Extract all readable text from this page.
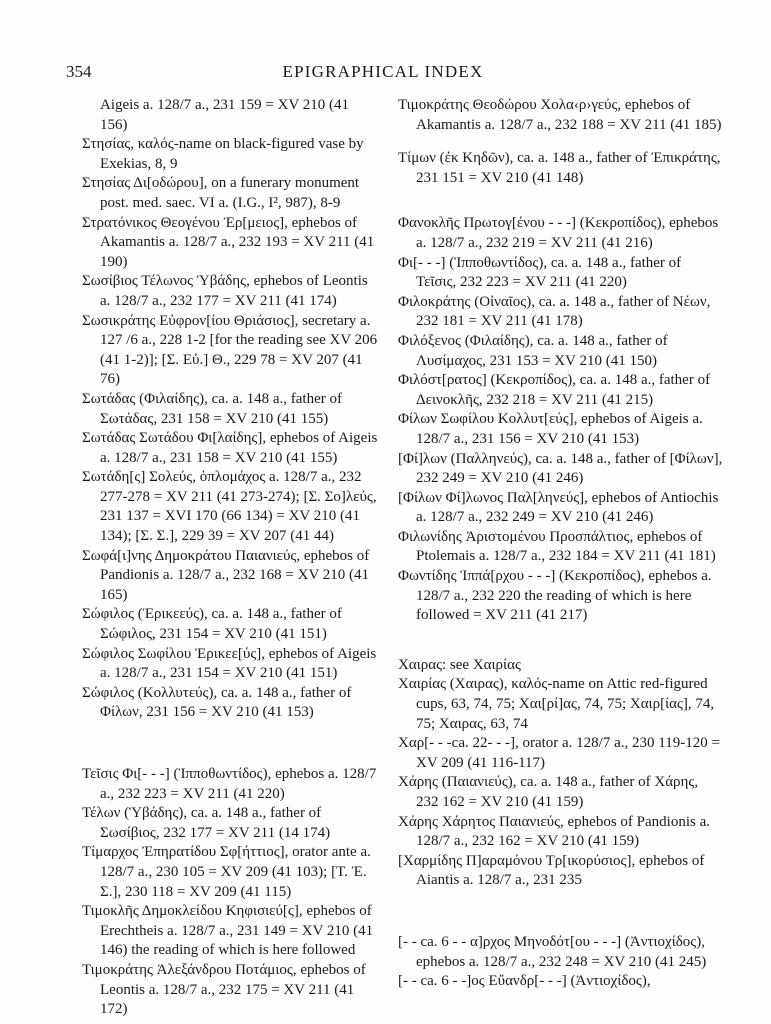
354	EPIGRAPHICAL INDEX
Aigeis a. 128/7 a., 231 159 = XV 210 (41 156)
Στησίας, καλός-name on black-figured vase by Exekias, 8, 9
Στησίας Δι[οδώρου], on a funerary monument post. med. saec. VI a. (I.G., I², 987), 8-9
Στρατόνικος Θεογένου Ἐρ[μειος], ephebos of Akamantis a. 128/7 a., 232 193 = XV 211 (41 190)
Σωσίβιος Τέλωνος Ὑβάδης, ephebos of Leontis a. 128/7 a., 232 177 = XV 211 (41 174)
Σωσικράτης Εὐφρον[ίου Θριάσιος], secretary a. 127 /6 a., 228 1-2 [for the reading see XV 206 (41 1-2)]; [Σ. Εὐ.] Θ., 229 78 = XV 207 (41 76)
Σωτάδας (Φιλαίδης), ca. a. 148 a., father of Σωτάδας, 231 158 = XV 210 (41 155)
Σωτάδας Σωτάδου Φι[λαίδης], ephebos of Aigeis a. 128/7 a., 231 158 = XV 210 (41 155)
Σωτάδη[ς] Σολεύς, ὁπλομάχος a. 128/7 a., 232 277-278 = XV 211 (41 273-274); [Σ. Σο]λεύς, 231 137 = XVI 170 (66 134) = XV 210 (41 134); [Σ. Σ.], 229 39 = XV 207 (41 44)
Σωφά[ι]νης Δημοκράτου Παιανιεύς, ephebos of Pandionis a. 128/7 a., 232 168 = XV 210 (41 165)
Σώφιλος (Ἐρικεεύς), ca. a. 148 a., father of Σώφιλος, 231 154 = XV 210 (41 151)
Σώφιλος Σωφίλου Ἐρικεε[ύς], ephebos of Aigeis a. 128/7 a., 231 154 = XV 210 (41 151)
Σώφιλος (Κολλυτεύς), ca. a. 148 a., father of Φίλων, 231 156 = XV 210 (41 153)
Τεῖσις Φι[- - -] (Ἱπποθωντίδος), ephebos a. 128/7 a., 232 223 = XV 211 (41 220)
Τέλων (Ὑβάδης), ca. a. 148 a., father of Σωσίβιος, 232 177 = XV 211 (14 174)
Τίμαρχος Ἐπηρατίδου Σφ[ήττιος], orator ante a. 128/7 a., 230 105 = XV 209 (41 103); [Τ. Ἐ. Σ.], 230 118 = XV 209 (41 115)
Τιμοκλῆς Δημοκλείδου Κηφισιεύ[ς], ephebos of Erechtheis a. 128/7 a., 231 149 = XV 210 (41 146) the reading of which is here followed
Τιμοκράτης Ἀλεξάνδρου Ποτάμιος, ephebos of Leontis a. 128/7 a., 232 175 = XV 211 (41 172)
Τιμοκράτης Θεοδώρου Χολα‹ρ›γεύς, ephebos of Akamantis a. 128/7 a., 232 188 = XV 211 (41 185)
Τίμων (ἐκ Κηδῶν), ca. a. 148 a., father of Ἐπικράτης, 231 151 = XV 210 (41 148)
Φανοκλῆς Πρωτογ[ένου - - -] (Κεκροπίδος), ephebos a. 128/7 a., 232 219 = XV 211 (41 216)
Φι[- - -] (Ἱπποθωντίδος), ca. a. 148 a., father of Τεῖσις, 232 223 = XV 211 (41 220)
Φιλοκράτης (Οἰναῖος), ca. a. 148 a., father of Νέων, 232 181 = XV 211 (41 178)
Φιλόξενος (Φιλαίδης), ca. a. 148 a., father of Λυσίμαχος, 231 153 = XV 210 (41 150)
Φιλόστ[ρατος] (Κεκροπίδος), ca. a. 148 a., father of Δεινοκλῆς, 232 218 = XV 211 (41 215)
Φίλων Σωφίλου Κολλυτ[εύς], ephebos of Aigeis a. 128/7 a., 231 156 = XV 210 (41 153)
[Φί]λων (Παλληνεύς), ca. a. 148 a., father of [Φίλων], 232 249 = XV 210 (41 246)
[Φίλων Φί]λωνος Παλ[ληνεύς], ephebos of Antiochis a. 128/7 a., 232 249 = XV 210 (41 246)
Φιλωνίδης Ἀριστομένου Προσπάλτιος, ephebos of Ptolemais a. 128/7 a., 232 184 = XV 211 (41 181)
Φωντίδης Ἱππά[ρχου - - -] (Κεκροπίδος), ephebos a. 128/7 a., 232 220 the reading of which is here followed = XV 211 (41 217)
Χαιρας: see Χαιρίας
Χαιρίας (Χαιρας), καλός-name on Attic red-figured cups, 63, 74, 75; Χαι[ρί]ας, 74, 75; Χαιρ[ίας], 74, 75; Χαιρας, 63, 74
Χαρ[- - -ca. 22- - -], orator a. 128/7 a., 230 119-120 = XV 209 (41 116-117)
Χάρης (Παιανιεύς), ca. a. 148 a., father of Χάρης, 232 162 = XV 210 (41 159)
Χάρης Χάρητος Παιανιεύς, ephebos of Pandionis a. 128/7 a., 232 162 = XV 210 (41 159)
[Χαρμίδης Π]αραμόνου Τρ[ικορύσιος], ephebos of Aiantis a. 128/7 a., 231 235
[- - ca. 6 - - α]ρχος Μηνοδότ[ου - - -] (Ἀντιοχίδος), ephebos a. 128/7 a., 232 248 = XV 210 (41 245)
[- - ca. 6 - -]ος Εὔανδρ[- - -] (Ἀντιοχίδος),
